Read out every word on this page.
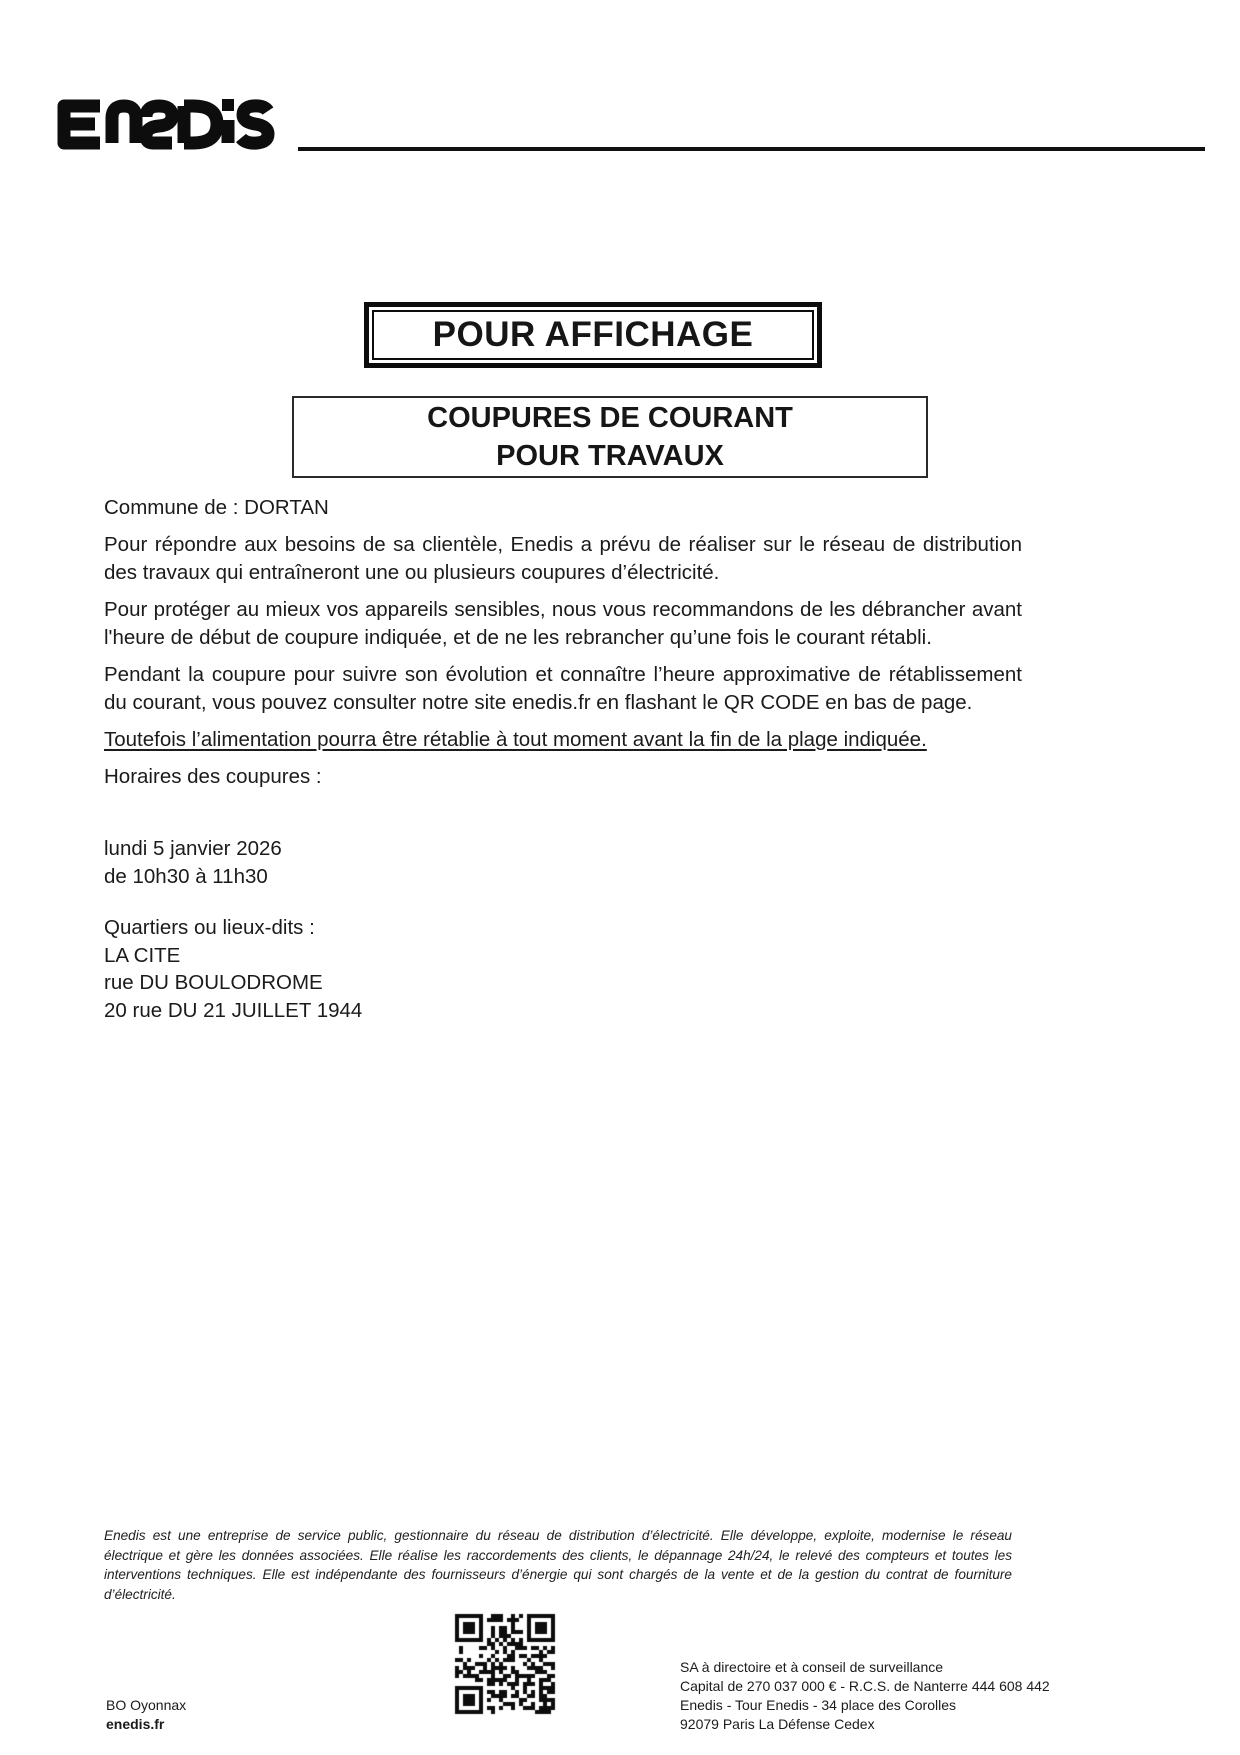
POUR AFFICHAGE
COUPURES DE COURANT
POUR TRAVAUX

Commune de : DORTAN

Pour répondre aux besoins de sa clientèle, Enedis a prévu de réaliser sur le réseau de distribution des travaux qui entraîneront une ou plusieurs coupures d’électricité.

Pour protéger au mieux vos appareils sensibles, nous vous recommandons de les débrancher avant l'heure de début de coupure indiquée, et de ne les rebrancher qu’une fois le courant rétabli.

Pendant la coupure pour suivre son évolution et connaître l’heure approximative de rétablissement du courant, vous pouvez consulter notre site enedis.fr en flashant le QR CODE en bas de page.

Toutefois l’alimentation pourra être rétablie à tout moment avant la fin de la plage indiquée.

Horaires des coupures :

lundi 5 janvier 2026
de 10h30 à 11h30
Quartiers ou lieux-dits :
LA CITE
rue DU BOULODROME
20 rue DU 21 JUILLET 1944
Enedis est une entreprise de service public, gestionnaire du réseau de distribution d’électricité. Elle développe, exploite, modernise le réseau électrique et gère les données associées. Elle réalise les raccordements des clients, le dépannage 24h/24, le relevé des compteurs et toutes les interventions techniques. Elle est indépendante des fournisseurs d’énergie qui sont chargés de la vente et de la gestion du contrat de fourniture d’électricité.
SA à directoire et à conseil de surveillance
Capital de 270 037 000 € - R.C.S. de Nanterre 444 608 442
Enedis - Tour Enedis - 34 place des Corolles
92079 Paris La Défense Cedex
BO Oyonnax
enedis.fr
